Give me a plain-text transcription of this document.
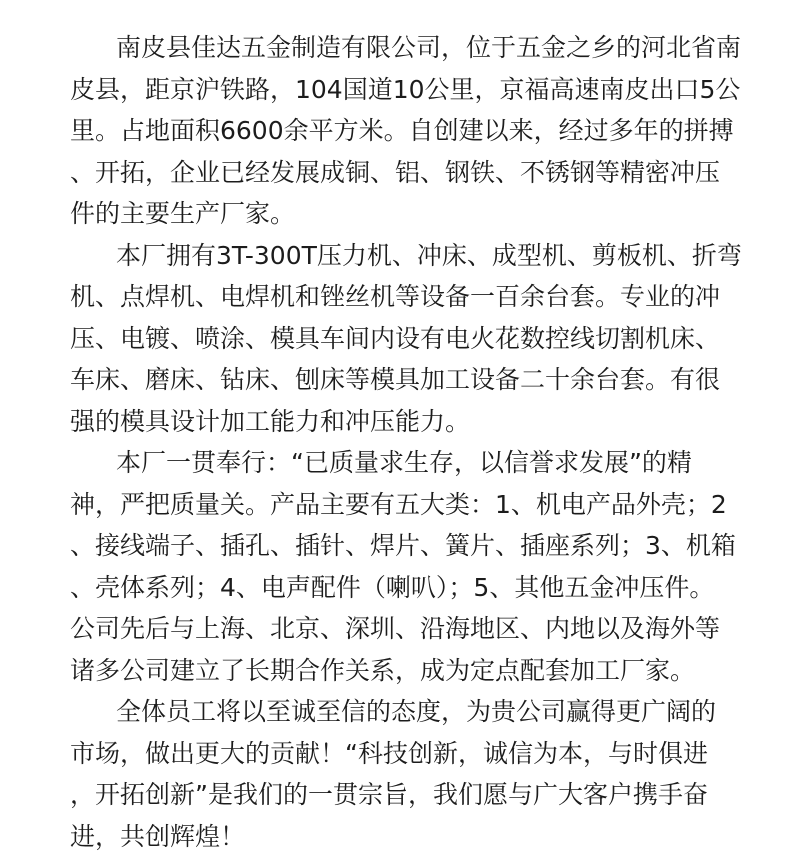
南皮县佳达五金制造有限公司，位于五金之乡的河北省南
皮县，距京沪铁路，104国道10公里，京福高速南皮出口5公
里。占地面积6600余平方米。自创建以来，经过多年的拼搏
、开拓，企业已经发展成铜、铝、钢铁、不锈钢等精密冲压
件的主要生产厂家。
本厂拥有3T-300T压力机、冲床、成型机、剪板机、折弯
机、点焊机、电焊机和锉丝机等设备一百余台套。专业的冲
压、电镀、喷涂、模具车间内设有电火花数控线切割机床、
车床、磨床、钻床、刨床等模具加工设备二十余台套。有很
强的模具设计加工能力和冲压能力。
本厂一贯奉行：“已质量求生存，以信誉求发展”的精
神，严把质量关。产品主要有五大类：1、机电产品外壳；2
、接线端子、插孔、插针、焊片、簧片、插座系列；3、机箱
、壳体系列；4、电声配件（喇叭）；5、其他五金冲压件。
公司先后与上海、北京、深圳、沿海地区、内地以及海外等
诸多公司建立了长期合作关系，成为定点配套加工厂家。
全体员工将以至诚至信的态度，为贵公司赢得更广阔的
市场，做出更大的贡献！“科技创新，诚信为本，与时俱进
，开拓创新”是我们的一贯宗旨，我们愿与广大客户携手奋
进，共创辉煌！
